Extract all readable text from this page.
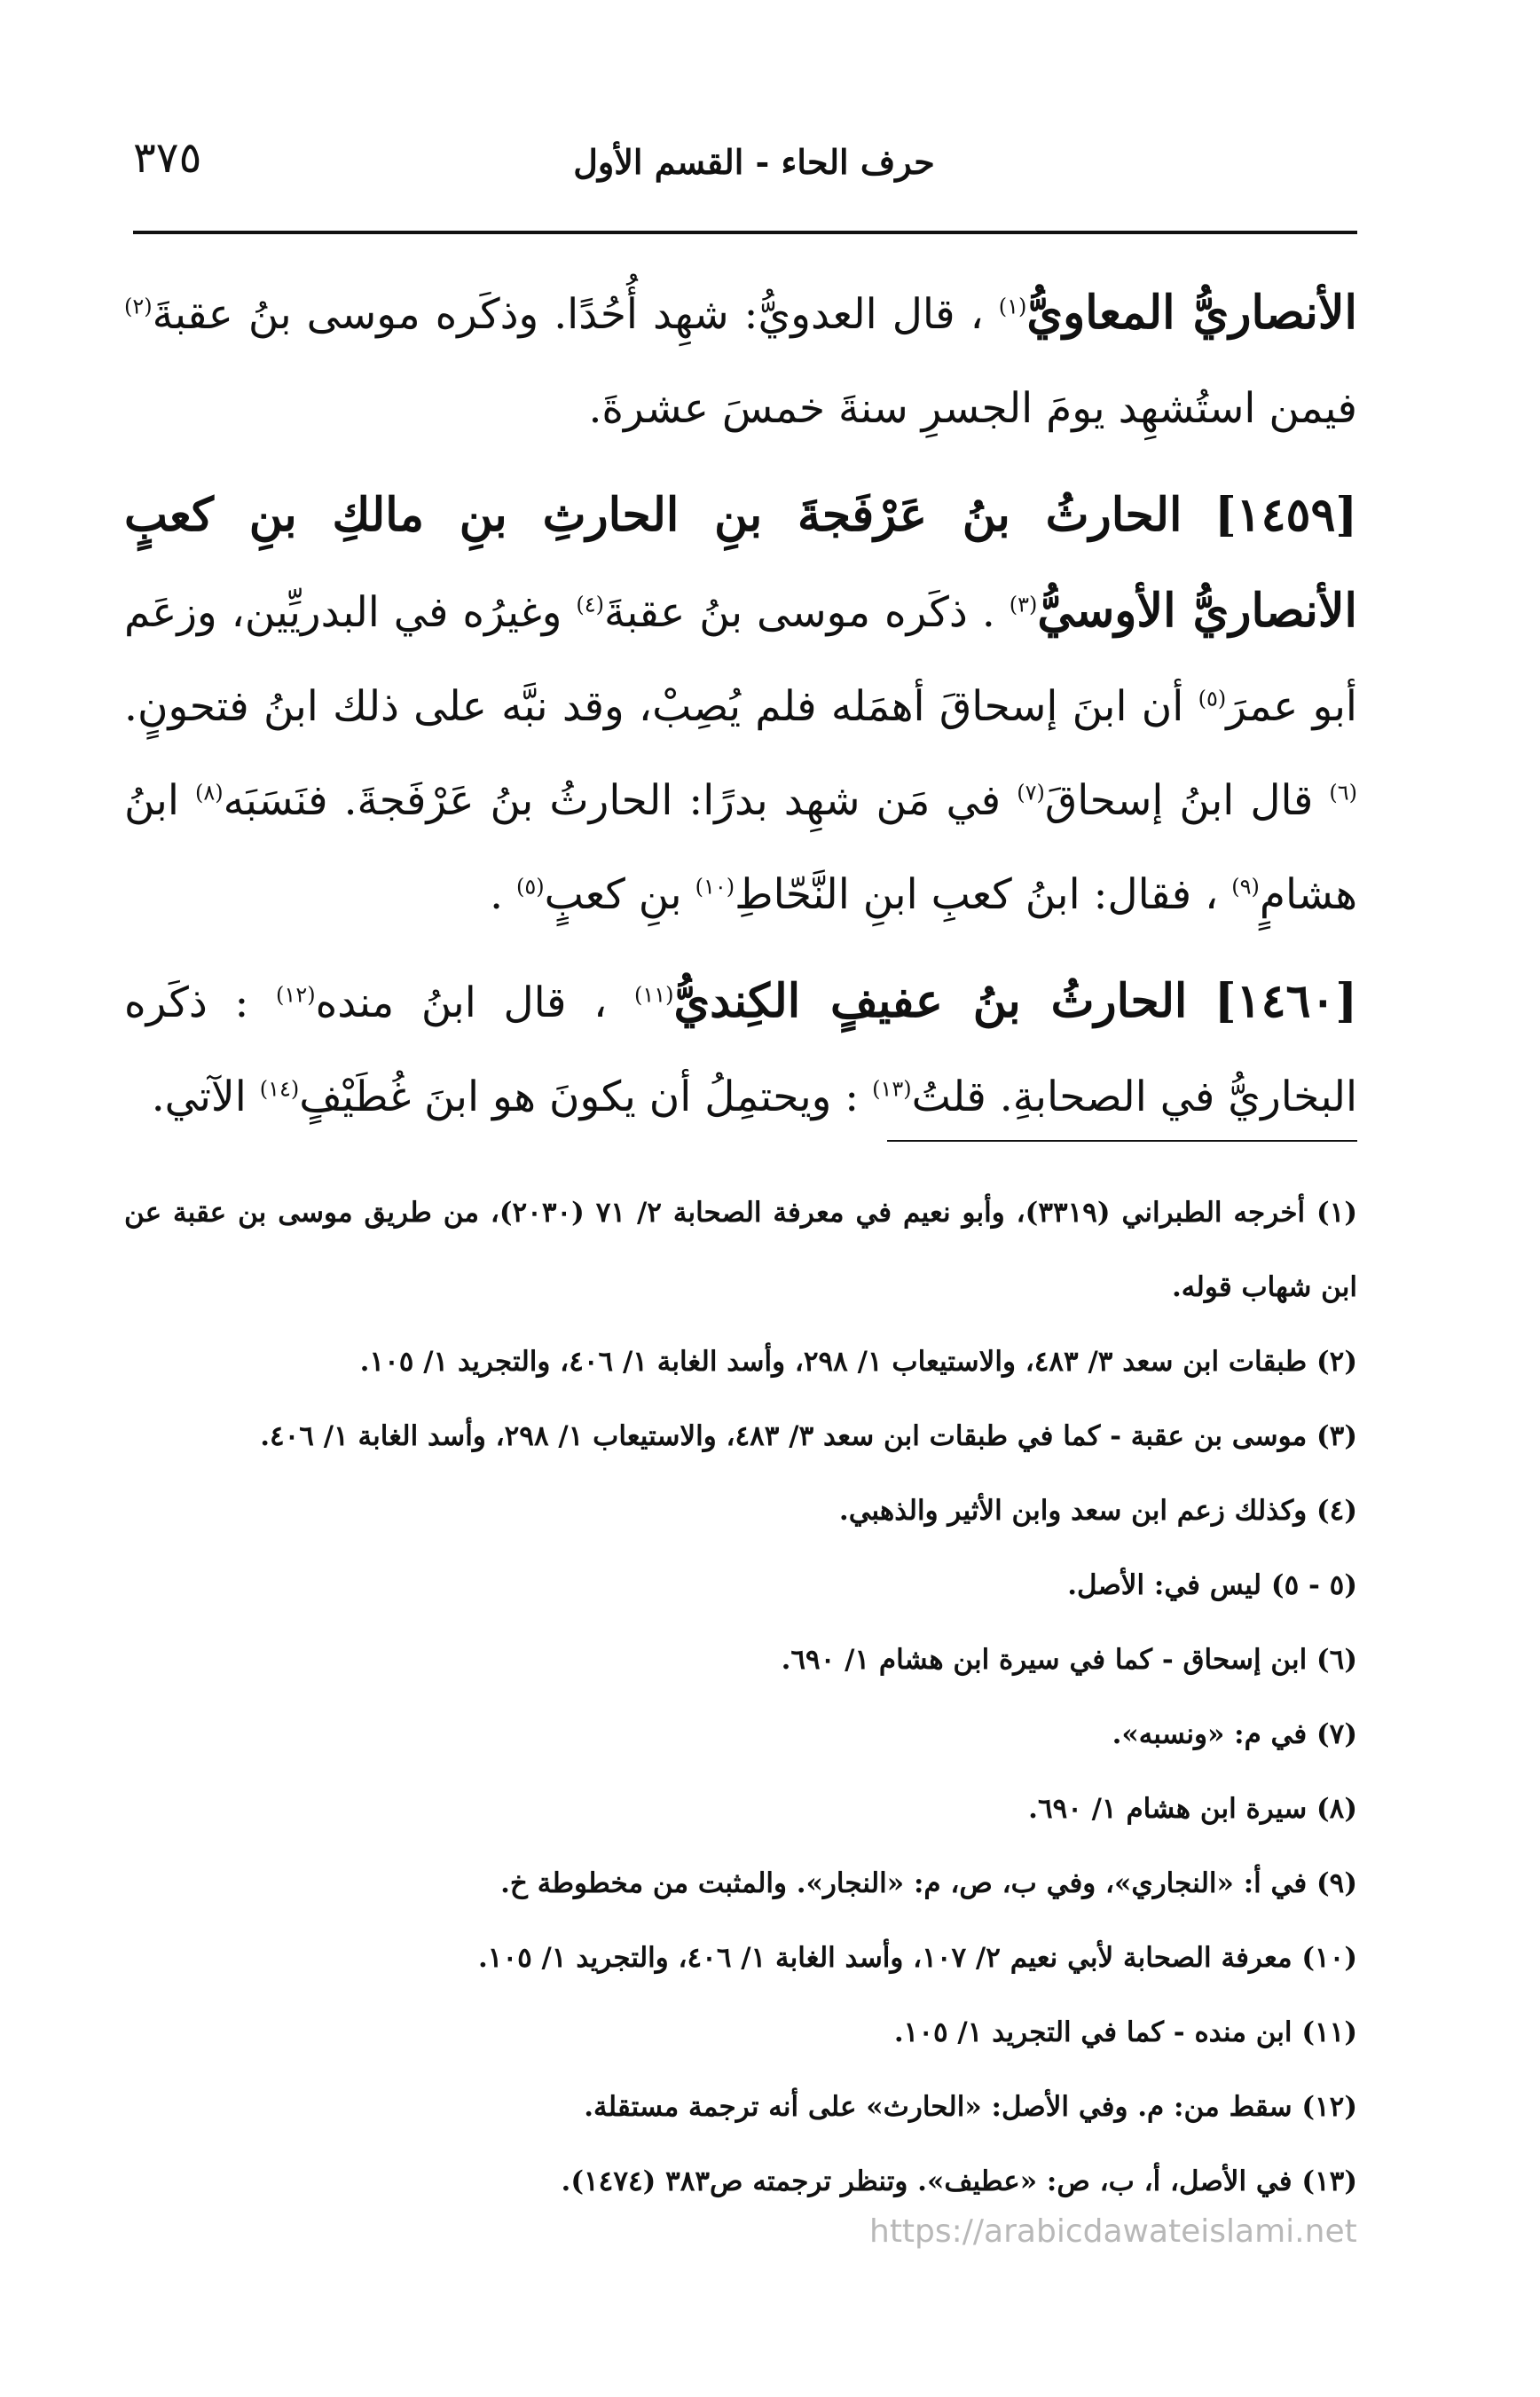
٣٧٥	حرف الحاء - القسم الأول

الأنصاريُّ المعاويُّ$^{(١)}$ ، قال العدويُّ: شهِد أُحُدًا. وذكَره موسى بنُ عقبةَ$^{(٢)}$ فيمن استُشهِد يومَ الجسرِ سنةَ خمسَ عشرةَ.

[١٤٥٩] الحارثُ بنُ عَرْفَجةَ بنِ الحارثِ بنِ مالكِ بنِ كعبٍ الأنصاريُّ الأوسيُّ$^{(٣)}$ . ذكَره موسى بنُ عقبةَ$^{(٤)}$ وغيرُه في البدريِّين، وزعَم أبو عمرَ$^{(٥)}$ أن ابنَ إسحاقَ أهمَله فلم يُصِبْ، وقد نبَّه على ذلك ابنُ فتحونٍ.$^{(٦)}$ قال ابنُ إسحاقَ$^{(٧)}$ في مَن شهِد بدرًا: الحارثُ بنُ عَرْفَجةَ. فنَسَبَه$^{(٨)}$ ابنُ هشامٍ$^{(٩)}$ ، فقال: ابنُ كعبِ ابنِ النَّحّاطِ$^{(١٠)}$ بنِ كعبٍ$^{(٥)}$ .

[١٤٦٠] الحارثُ بنُ عفيفٍ الكِنديُّ$^{(١١)}$ ، قال ابنُ منده$^{(١٢)}$ : ذكَره البخاريُّ في الصحابةِ. قلتُ$^{(١٣)}$ : ويحتمِلُ أن يكونَ هو ابنَ غُطَيْفٍ$^{(١٤)}$ الآتي.

(١) أخرجه الطبراني (٣٣١٩)، وأبو نعيم في معرفة الصحابة ٢/ ٧١ (٢٠٣٠)، من طريق موسى بن عقبة عن ابن شهاب قوله.

(٢) طبقات ابن سعد ٣/ ٤٨٣، والاستيعاب ١/ ٢٩٨، وأسد الغابة ١/ ٤٠٦، والتجريد ١/ ١٠٥.

(٣) موسى بن عقبة - كما في طبقات ابن سعد ٣/ ٤٨٣، والاستيعاب ١/ ٢٩٨، وأسد الغابة ١/ ٤٠٦.

(٤) وكذلك زعم ابن سعد وابن الأثير والذهبي.

(٥ - ٥) ليس في: الأصل.

(٦) ابن إسحاق - كما في سيرة ابن هشام ١/ ٦٩٠.

(٧) في م: «ونسبه».

(٨) سيرة ابن هشام ١/ ٦٩٠.

(٩) في أ: «النجاري»، وفي ب، ص، م: «النجار». والمثبت من مخطوطة خ.

(١٠) معرفة الصحابة لأبي نعيم ٢/ ١٠٧، وأسد الغابة ١/ ٤٠٦، والتجريد ١/ ١٠٥.

(١١) ابن منده - كما في التجريد ١/ ١٠٥.

(١٢) سقط من: م. وفي الأصل: «الحارث» على أنه ترجمة مستقلة.

(١٣) في الأصل، أ، ب، ص: «عطيف». وتنظر ترجمته ص٣٨٣ (١٤٧٤).

https://arabicdawateislami.net
